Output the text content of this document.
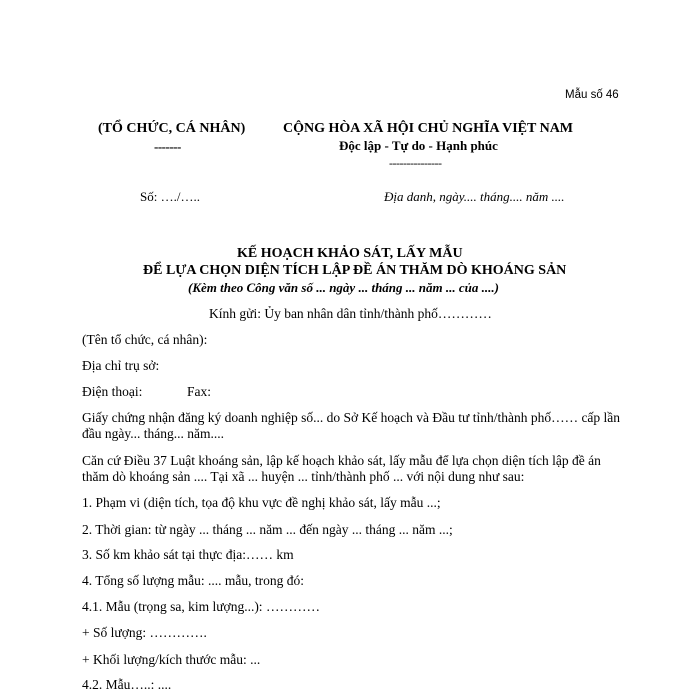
Mẫu số 46
(TỔ CHỨC, CÁ NHÂN)
-------
CỘNG HÒA XÃ HỘI CHỦ NGHĨA VIỆT NAM
Độc lập - Tự do - Hạnh phúc
---------------
Số: …./…..	Địa danh, ngày.... tháng.... năm ....
KẾ HOẠCH KHẢO SÁT, LẤY MẪU
ĐỂ LỰA CHỌN DIỆN TÍCH LẬP ĐỀ ÁN THĂM DÒ KHOÁNG SẢN
(Kèm theo Công văn số ... ngày ... tháng ... năm ... của ....)
Kính gửi: Ủy ban nhân dân tỉnh/thành phố…………
(Tên tổ chức, cá nhân):
Địa chỉ trụ sở:
Điện thoại:	Fax:
Giấy chứng nhận đăng ký doanh nghiệp số... do Sở Kế hoạch và Đầu tư tỉnh/thành phố…… cấp lần đầu ngày... tháng... năm....
Căn cứ Điều 37 Luật khoáng sản, lập kế hoạch khảo sát, lấy mẫu để lựa chọn diện tích lập đề án thăm dò khoáng sản .... Tại xã ... huyện ... tỉnh/thành phố ... với nội dung như sau:
1. Phạm vi (diện tích, tọa độ khu vực đề nghị khảo sát, lấy mẫu ...;
2. Thời gian: từ ngày ... tháng ... năm ... đến ngày ... tháng ... năm ...;
3. Số km khảo sát tại thực địa:…… km
4. Tổng số lượng mẫu: .... mẫu, trong đó:
4.1. Mẫu (trọng sa, kim lượng...): …………
+ Số lượng: ………….
+ Khối lượng/kích thước mẫu: ...
4.2. Mẫu…..: ....
